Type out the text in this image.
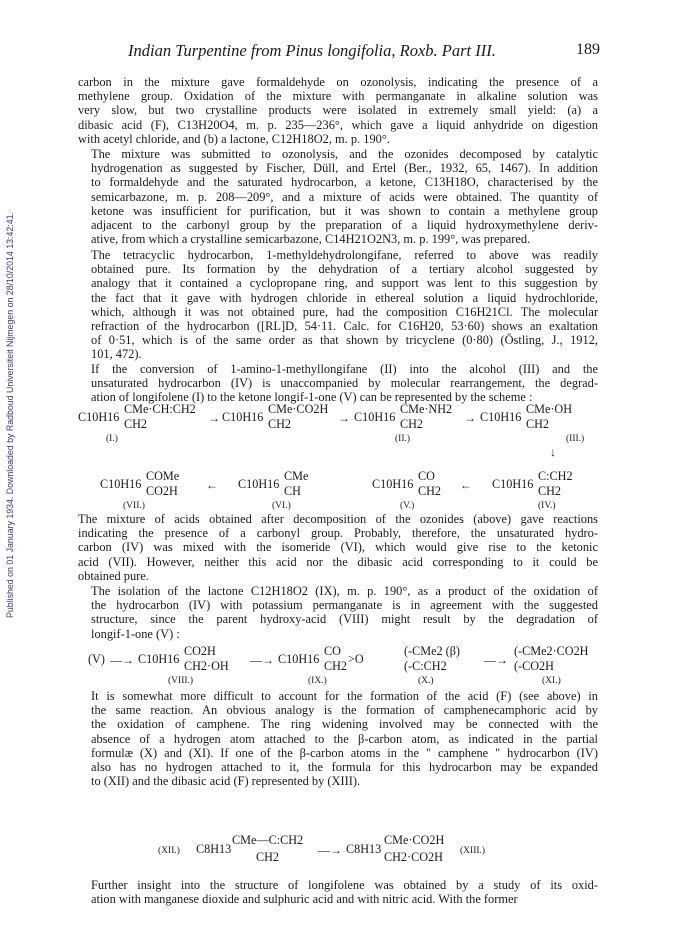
Published on 01 January 1934. Downloaded by Radboud Universiteit Nijmegen on 28/10/2014 13:42:41.
Indian Turpentine from Pinus longifolia, Roxb. Part III.	189
carbon in the mixture gave formaldehyde on ozonolysis, indicating the presence of a
methylene group. Oxidation of the mixture with permanganate in alkaline solution was
very slow, but two crystalline products were isolated in extremely small yield: (a) a
dibasic acid (F), C13H20O4, m. p. 235—236°, which gave a liquid anhydride on digestion
with acetyl chloride, and (b) a lactone, C12H18O2, m. p. 190°.
The mixture was submitted to ozonolysis, and the ozonides decomposed by catalytic
hydrogenation as suggested by Fischer, Düll, and Ertel (Ber., 1932, 65, 1467). In addition
to formaldehyde and the saturated hydrocarbon, a ketone, C13H18O, characterised by the
semicarbazone, m. p. 208—209°, and a mixture of acids were obtained. The quantity of
ketone was insufficient for purification, but it was shown to contain a methylene group
adjacent to the carbonyl group by the preparation of a liquid hydroxymethylene deriv-
ative, from which a crystalline semicarbazone, C14H21O2N3, m. p. 199°, was prepared.
The tetracyclic hydrocarbon, 1-methyldehydrolongifane, referred to above was readily
obtained pure. Its formation by the dehydration of a tertiary alcohol suggested by
analogy that it contained a cyclopropane ring, and support was lent to this suggestion by
the fact that it gave with hydrogen chloride in ethereal solution a liquid hydrochloride,
which, although it was not obtained pure, had the composition C16H21Cl. The molecular
refraction of the hydrocarbon ([RL]D, 54·11. Calc. for C16H20, 53·60) shows an exaltation
of 0·51, which is of the same order as that shown by tricyclene (0·80) (Östling, J., 1912,
101, 472).
If the conversion of 1-amino-1-methyllongifane (II) into the alcohol (III) and the
unsaturated hydrocarbon (IV) is unaccompanied by molecular rearrangement, the degrad-
ation of longifolene (I) to the ketone longif-1-one (V) can be represented by the scheme :
C10H16
CMe·CH:CH2
CH2
(I.)
→ C10H16
CMe·CO2H
CH2	→ C10H16
CMe·NH2
CH2
(II.)
→ C10H16
CMe·OH
CH2
(III.)
↓
C10H16
COMe
CO2H
(VII.)
← C10H16
CMe
CH
(VI.)
C10H16
CO
CH2
(V.)
← C10H16
C:CH2
CH2
(IV.)
The mixture of acids obtained after decomposition of the ozonides (above) gave reactions
indicating the presence of a carbonyl group. Probably, therefore, the unsaturated hydro-
carbon (IV) was mixed with the isomeride (VI), which would give rise to the ketonic
acid (VII). However, neither this acid nor the dibasic acid corresponding to it could be
obtained pure.
The isolation of the lactone C12H18O2 (IX), m. p. 190°, as a product of the oxidation of
the hydrocarbon (IV) with potassium permanganate is in agreement with the suggested
structure, since the parent hydroxy-acid (VIII) might result by the degradation of
longif-1-one (V) :
(V) —→ C10H16
CO2H
CH2·OH
(VIII.)
—→ C10H16
CO
CH2 >O
(IX.)
(-CMe2 (β)
(-C:CH2
(X.)
—→
(-CMe2·CO2H
(-CO2H
(XI.)
It is somewhat more difficult to account for the formation of the acid (F) (see above) in
the same reaction. An obvious analogy is the formation of camphenecamphoric acid by
the oxidation of camphene. The ring widening involved may be connected with the
absence of a hydrogen atom attached to the β-carbon atom, as indicated in the partial
formulæ (X) and (XI). If one of the β-carbon atoms in the " camphene " hydrocarbon (IV)
also has no hydrogen attached to it, the formula for this hydrocarbon may be expanded
to (XII) and the dibasic acid (F) represented by (XIII).
(XII.) C8H13
CMe—C:CH2
CH2	—→ C8H13
CMe·CO2H
CH2·CO2H (XIII.)
Further insight into the structure of longifolene was obtained by a study of its oxid-
ation with manganese dioxide and sulphuric acid and with nitric acid. With the former
